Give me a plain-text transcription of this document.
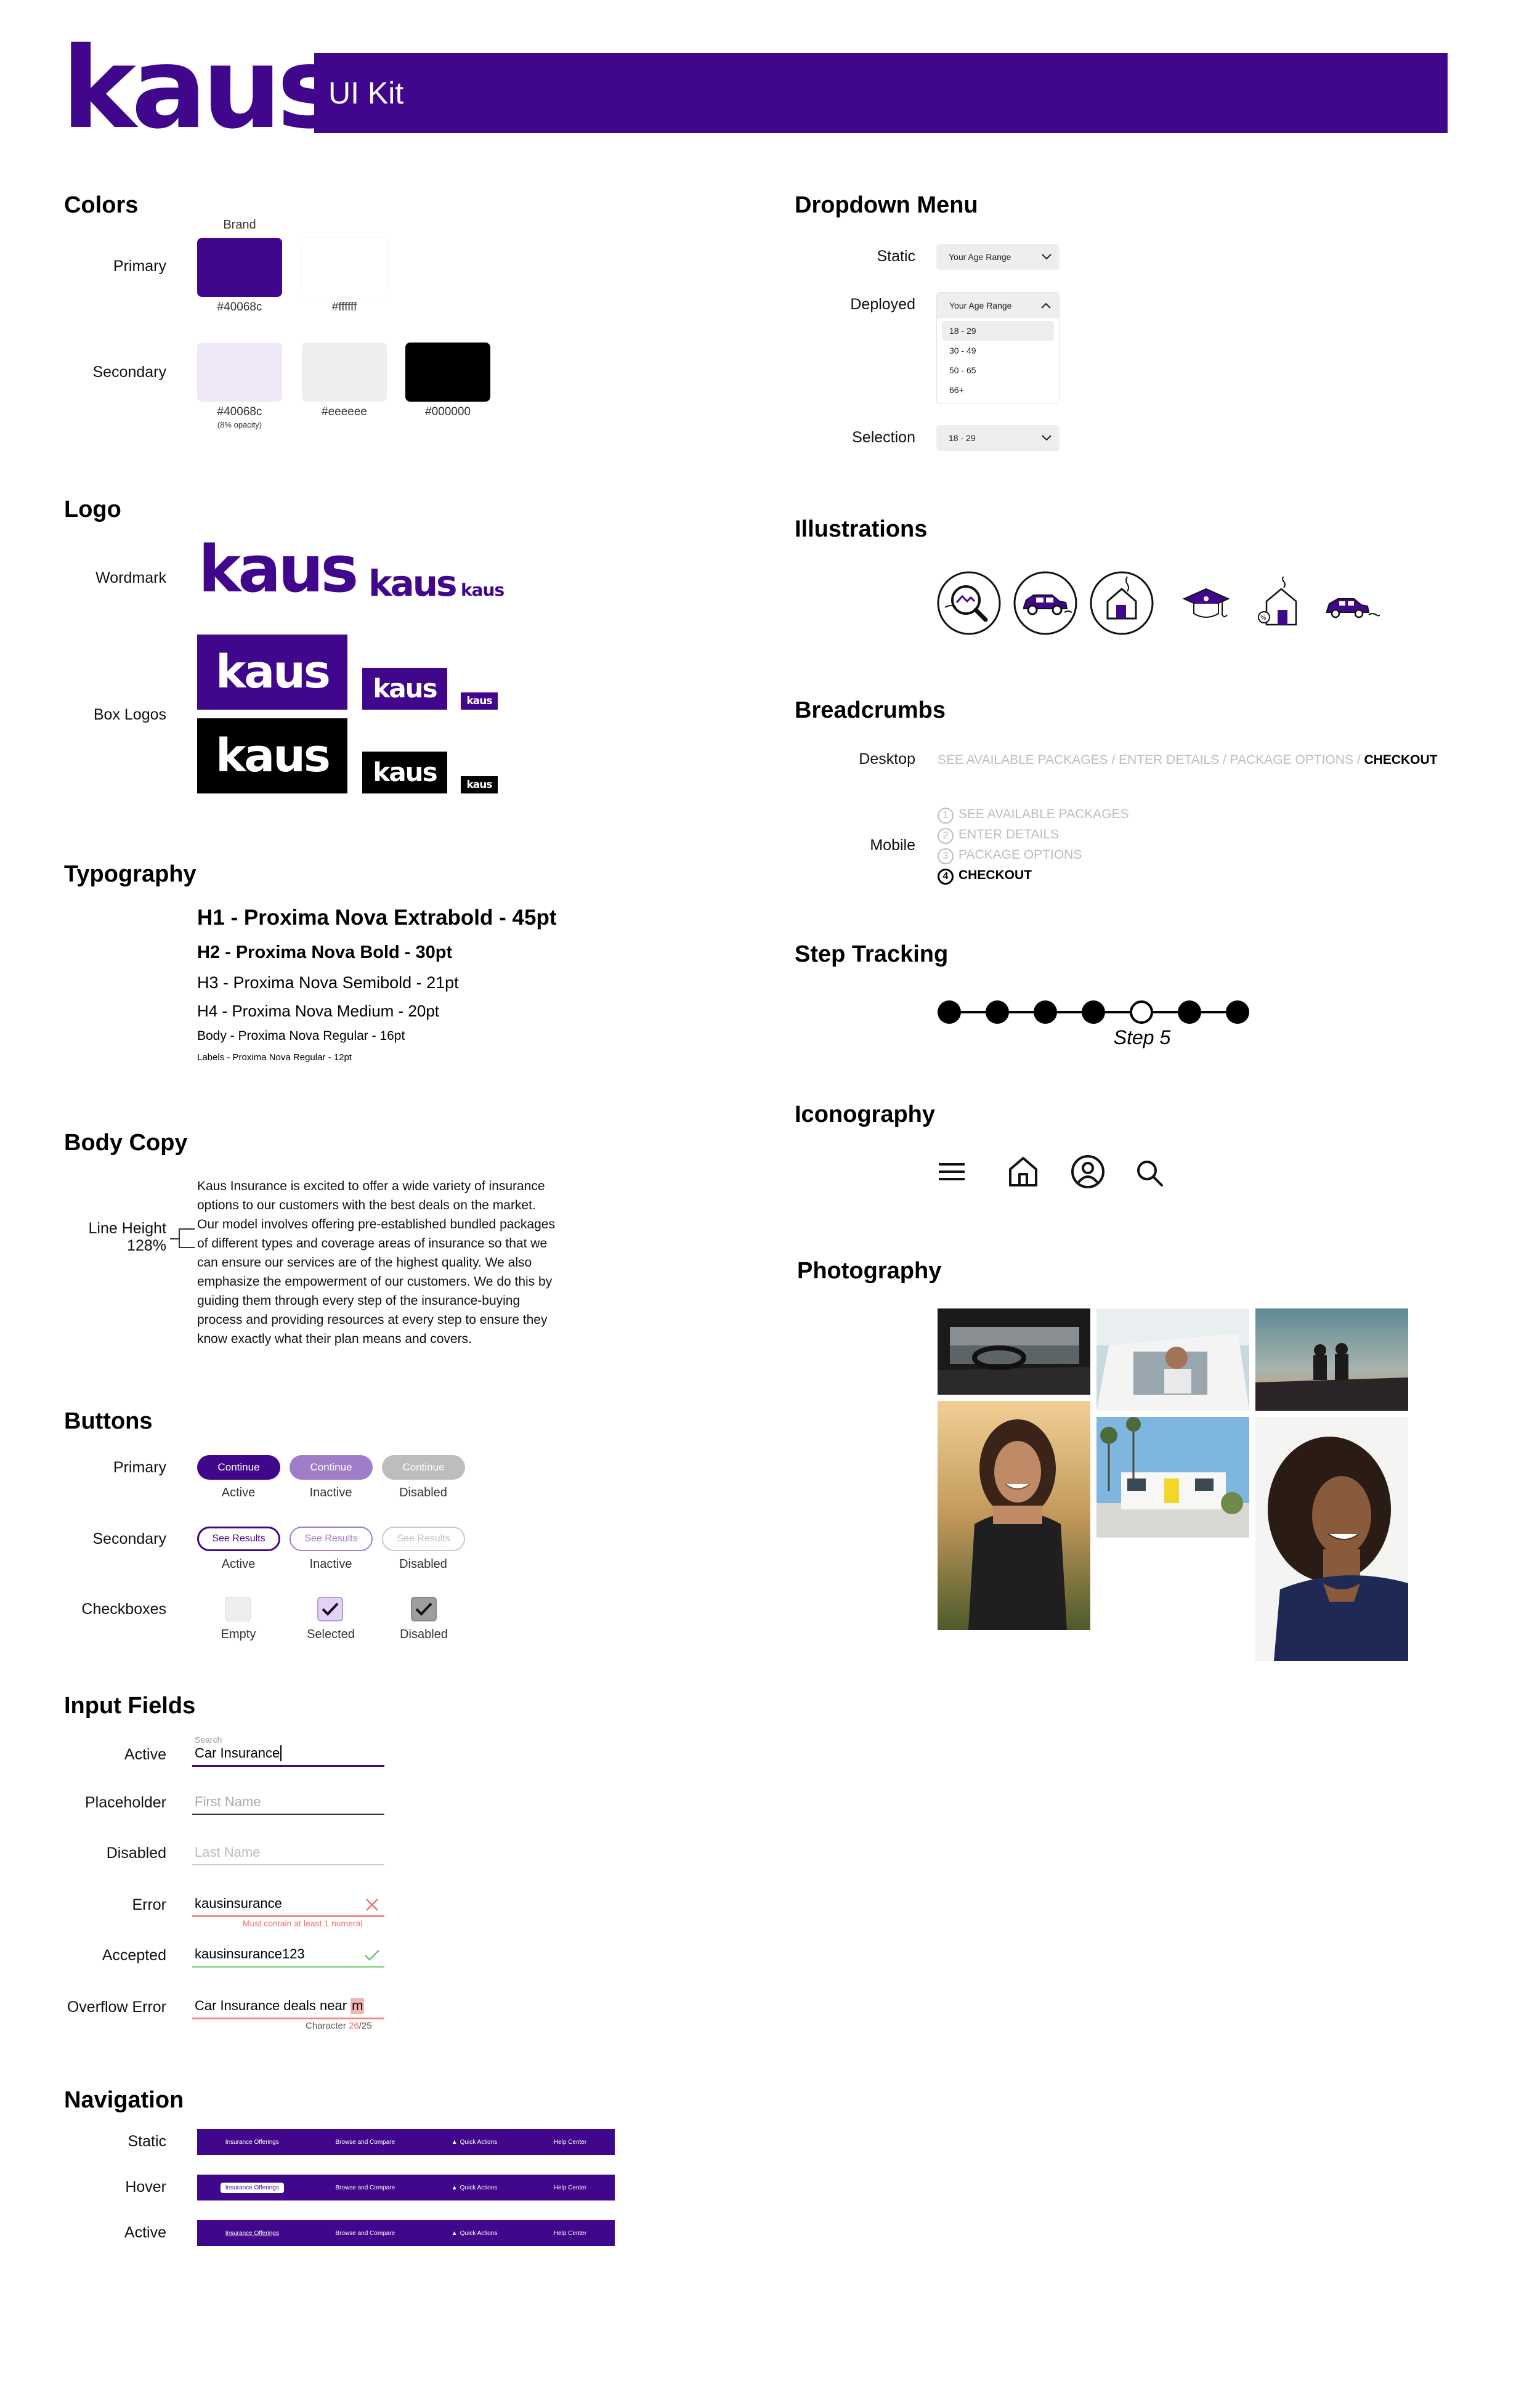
kaus
UI Kit
Colors
Brand
Primary
#40068c	#ffffff
Secondary
#40068c
(8% opacity)
#eeeeee	#000000
Logo
Wordmark kaus kaus kaus
Box Logos
kaus kaus	kaus
kaus kaus	kaus
Typography
H1 - Proxima Nova Extrabold - 45pt
H2 - Proxima Nova Bold - 30pt
H3 - Proxima Nova Semibold - 21pt
H4 - Proxima Nova Medium - 20pt
Body - Proxima Nova Regular - 16pt
Labels - Proxima Nova Regular - 12pt
Body Copy
Line Height
128%
Kaus Insurance is excited to offer a wide variety of insurance
options to our customers with the best deals on the market.
Our model involves offering pre-established bundled packages
of different types and coverage areas of insurance so that we
can ensure our services are of the highest quality. We also
emphasize the empowerment of our customers. We do this by
guiding them through every step of the insurance-buying
process and providing resources at every step to ensure they
know exactly what their plan means and covers.
Buttons
Primary	Continue	Continue	Continue
Active	Inactive	Disabled
Secondary	See Results	See Results	See Results
Active	Inactive	Disabled
Checkboxes
Empty	Selected	Disabled
Input Fields
Active
Search
Car Insurance
Placeholder First Name
Disabled Last Name
Error kausinsurance
Must contain at least 1 numeral
Accepted kausinsurance123
Overflow Error Car Insurance deals near m
Character 26/25
Navigation
Static	Insurance Offerings	Browse and Compare	▲ Quick Actions	Help Center
Hover	Insurance Offerings	Browse and Compare	▲ Quick Actions	Help Center
Active	Insurance Offerings	Browse and Compare	▲ Quick Actions	Help Center
Dropdown Menu
Static	Your Age Range
Deployed	Your Age Range
18 - 29
30 - 49
50 - 65
66+
Selection	18 - 29
Illustrations
%
Breadcrumbs
Desktop SEE AVAILABLE PACKAGES / ENTER DETAILS / PACKAGE OPTIONS / CHECKOUT
Mobile
1 SEE AVAILABLE PACKAGES
2 ENTER DETAILS
3 PACKAGE OPTIONS
4 CHECKOUT
Step Tracking
Step 5
Iconography
Photography
